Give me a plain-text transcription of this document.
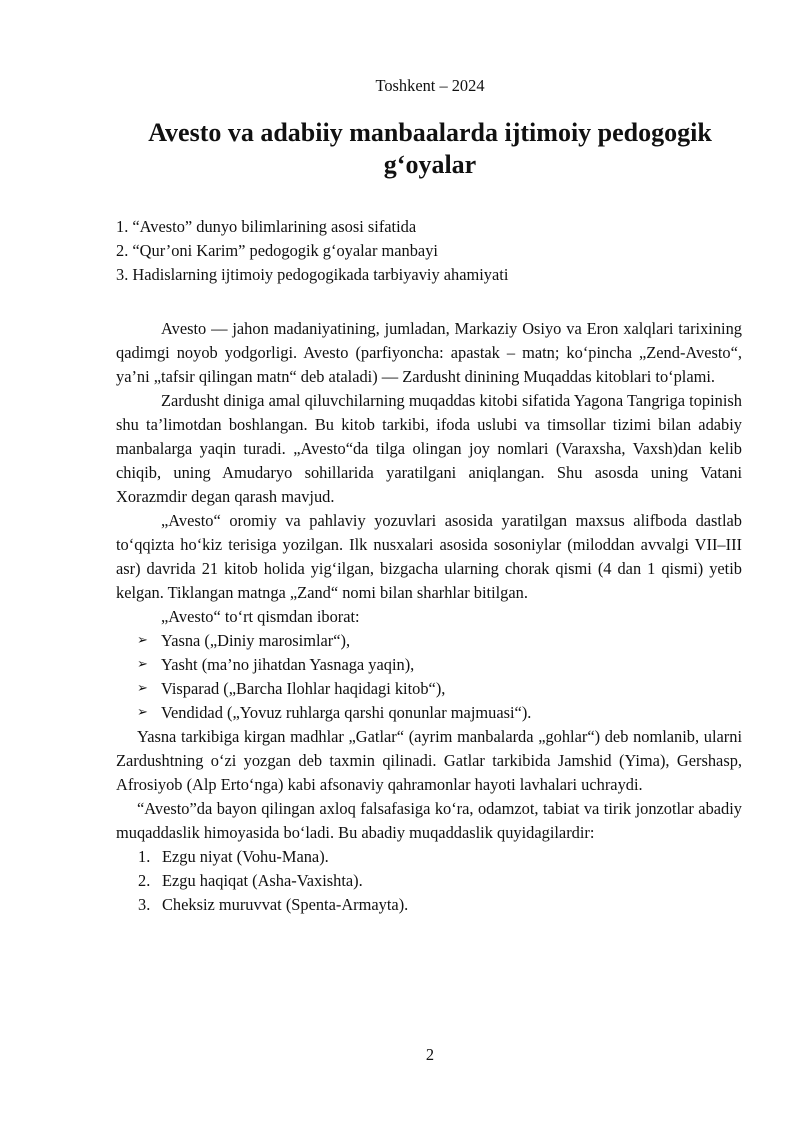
Toshkent – 2024
Avesto va adabiiy manbaalarda ijtimoiy pedogogik g‘oyalar
1. “Avesto” dunyo bilimlarining asosi sifatida
2. “Qur’oni Karim” pedogogik g‘oyalar manbayi
3. Hadislarning ijtimoiy pedogogikada tarbiyaviy ahamiyati

Avesto — jahon madaniyatining, jumladan, Markaziy Osiyo va Eron xalqlari tarixining qadimgi noyob yodgorligi. Avesto (parfiyoncha: apastak – matn; ko‘pincha „Zend-Avesto“, ya’ni „tafsir qilingan matn“ deb ataladi) — Zardusht dinining Muqaddas kitoblari to‘plami.

Zardusht diniga amal qiluvchilarning muqaddas kitobi sifatida Yagona Tangriga topinish shu ta’limotdan boshlangan. Bu kitob tarkibi, ifoda uslubi va timsollar tizimi bilan adabiy manbalarga yaqin turadi. „Avesto“da tilga olingan joy nomlari (Varaxsha, Vaxsh)dan kelib chiqib, uning Amudaryo sohillarida yaratilgani aniqlangan. Shu asosda uning Vatani Xorazmdir degan qarash mavjud.

„Avesto“ oromiy va pahlaviy yozuvlari asosida yaratilgan maxsus alifboda dastlab to‘qqizta ho‘kiz terisiga yozilgan. Ilk nusxalari asosida sosoniylar (miloddan avvalgi VII–III asr) davrida 21 kitob holida yig‘ilgan, bizgacha ularning chorak qismi (4 dan 1 qismi) yetib kelgan. Tiklangan matnga „Zand“ nomi bilan sharhlar bitilgan.

„Avesto“ to‘rt qismdan iborat:

➢ Yasna („Diniy marosimlar“),
➢ Yasht (ma’no jihatdan Yasnaga yaqin),
➢ Visparad („Barcha Ilohlar haqidagi kitob“),
➢ Vendidad („Yovuz ruhlarga qarshi qonunlar majmuasi“).

Yasna tarkibiga kirgan madhlar „Gatlar“ (ayrim manbalarda „gohlar“) deb nomlanib, ularni Zardushtning o‘zi yozgan deb taxmin qilinadi. Gatlar tarkibida Jamshid (Yima), Gershasp, Afrosiyob (Alp Erto‘nga) kabi afsonaviy qahramonlar hayoti lavhalari uchraydi.

“Avesto”da bayon qilingan axloq falsafasiga ko‘ra, odamzot, tabiat va tirik jonzotlar abadiy muqaddaslik himoyasida bo‘ladi. Bu abadiy muqaddaslik quyidagilardir:

1. Ezgu niyat (Vohu-Mana).
2. Ezgu haqiqat (Asha-Vaxishta).
3. Cheksiz muruvvat (Spenta-Armayta).
2
